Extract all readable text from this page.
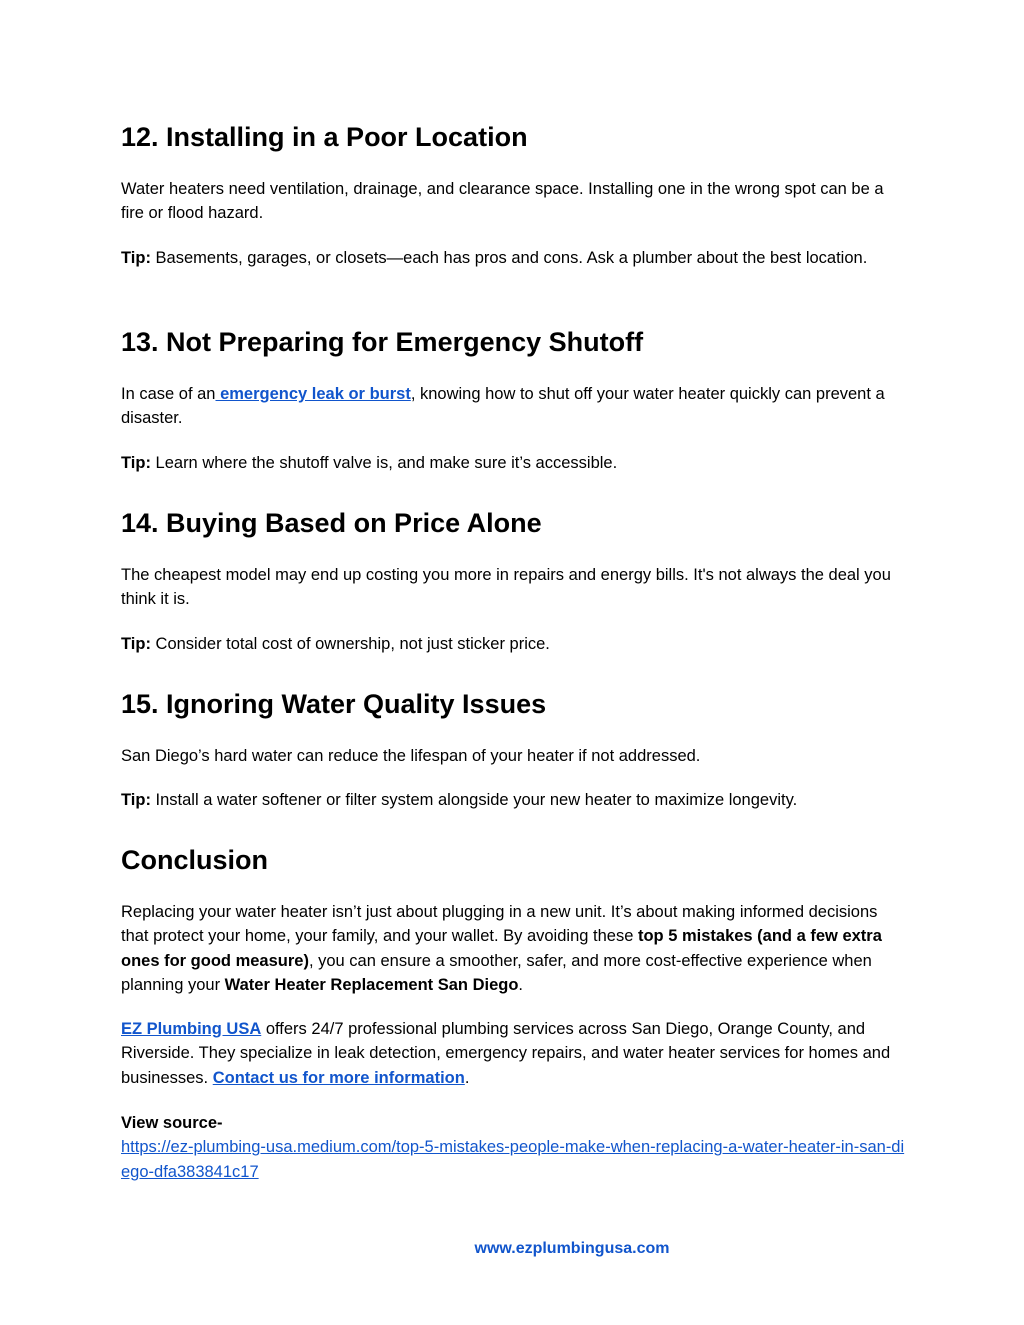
12. Installing in a Poor Location

Water heaters need ventilation, drainage, and clearance space. Installing one in the wrong spot can be a fire or flood hazard.

Tip: Basements, garages, or closets—each has pros and cons. Ask a plumber about the best location.

13. Not Preparing for Emergency Shutoff

In case of an emergency leak or burst, knowing how to shut off your water heater quickly can prevent a disaster.

Tip: Learn where the shutoff valve is, and make sure it’s accessible.

14. Buying Based on Price Alone

The cheapest model may end up costing you more in repairs and energy bills. It's not always the deal you think it is.

Tip: Consider total cost of ownership, not just sticker price.

15. Ignoring Water Quality Issues

San Diego’s hard water can reduce the lifespan of your heater if not addressed.

Tip: Install a water softener or filter system alongside your new heater to maximize longevity.

Conclusion

Replacing your water heater isn’t just about plugging in a new unit. It’s about making informed decisions that protect your home, your family, and your wallet. By avoiding these top 5 mistakes (and a few extra ones for good measure), you can ensure a smoother, safer, and more cost-effective experience when planning your Water Heater Replacement San Diego.

EZ Plumbing USA offers 24/7 professional plumbing services across San Diego, Orange County, and Riverside. They specialize in leak detection, emergency repairs, and water heater services for homes and businesses. Contact us for more information.

View source-
https://ez-plumbing-usa.medium.com/top-5-mistakes-people-make-when-replacing-a-water-heater-in-san-diego-dfa383841c17

www.ezplumbingusa.com
